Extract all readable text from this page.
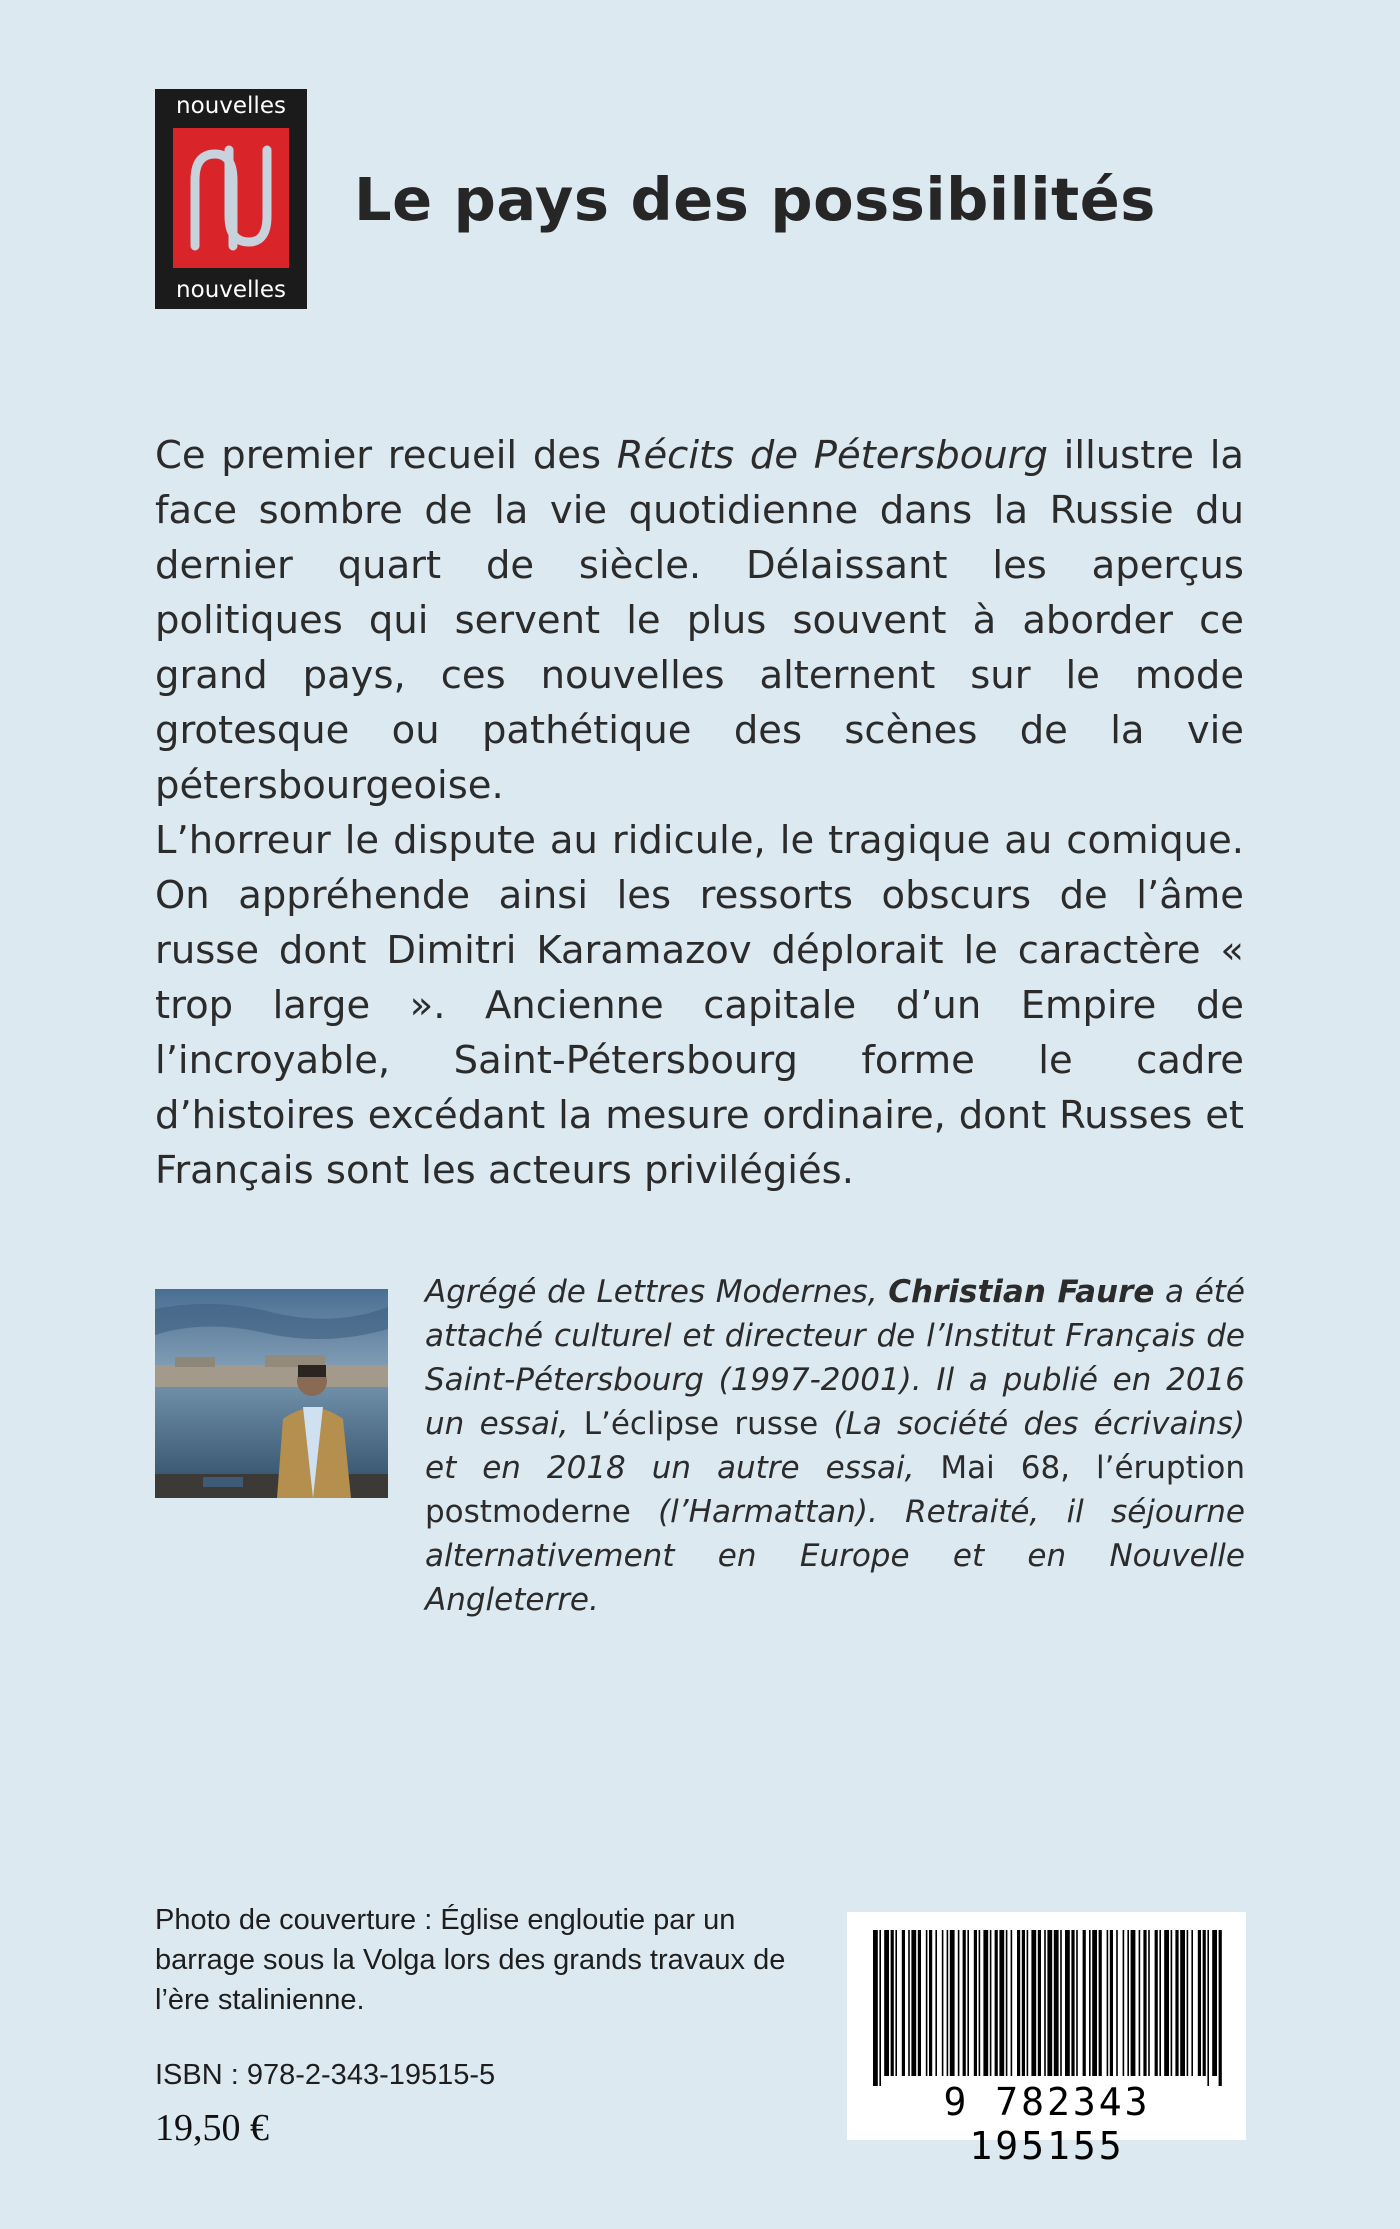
nouvelles
nouvelles
Le pays des possibilités

Ce premier recueil des Récits de Pétersbourg illustre la face sombre de la vie quotidienne dans la Russie du dernier quart de siècle. Délaissant les aperçus politiques qui servent le plus souvent à aborder ce grand pays, ces nouvelles alternent sur le mode grotesque ou pathétique des scènes de la vie pétersbourgeoise.

L’horreur le dispute au ridicule, le tragique au comique. On appréhende ainsi les ressorts obscurs de l’âme russe dont Dimitri Karamazov déplorait le caractère « trop large ». Ancienne capitale d’un Empire de l’incroyable, Saint-Pétersbourg forme le cadre d’histoires excédant la mesure ordinaire, dont Russes et Français sont les acteurs privilégiés.

Agrégé de Lettres Modernes, Christian Faure a été attaché culturel et directeur de l’Institut Français de Saint-Pétersbourg (1997-2001). Il a publié en 2016 un essai, L’éclipse russe (La société des écrivains) et en 2018 un autre essai, Mai 68, l’éruption postmoderne (l’Harmattan). Retraité, il séjourne alternativement en Europe et en Nouvelle Angleterre.

Photo de couverture : Église engloutie par un barrage sous la Volga lors des grands travaux de l’ère stalinienne.

ISBN : 978-2-343-19515-5

19,50 €

9 782343 195155
